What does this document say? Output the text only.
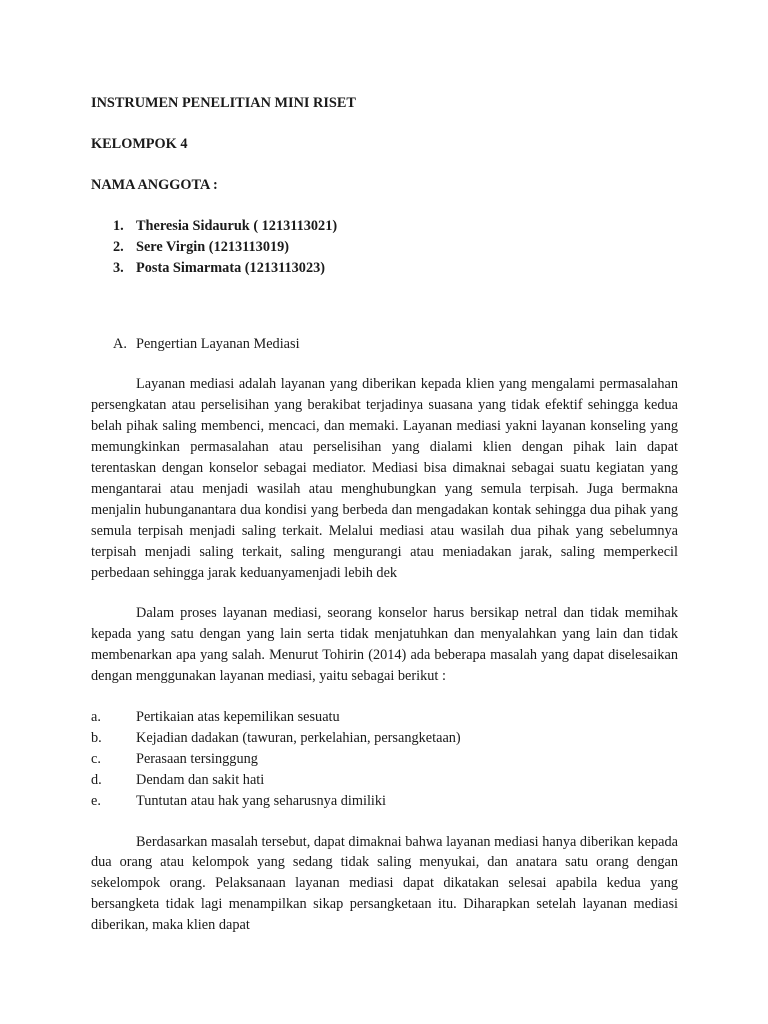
INSTRUMEN PENELITIAN MINI RISET

KELOMPOK 4

NAMA ANGGOTA :

1. Theresia Sidauruk ( 1213113021)
2. Sere Virgin (1213113019)
3. Posta Simarmata (1213113023)
A. Pengertian Layanan Mediasi

Layanan mediasi adalah layanan yang diberikan kepada klien yang mengalami permasalahan persengkatan atau perselisihan yang berakibat terjadinya suasana yang tidak efektif sehingga kedua belah pihak saling membenci, mencaci, dan memaki. Layanan mediasi yakni layanan konseling yang memungkinkan permasalahan atau perselisihan yang dialami klien dengan pihak lain dapat terentaskan dengan konselor sebagai mediator. Mediasi bisa dimaknai sebagai suatu kegiatan yang mengantarai atau menjadi wasilah atau menghubungkan yang semula terpisah. Juga bermakna menjalin hubunganantara dua kondisi yang berbeda dan mengadakan kontak sehingga dua pihak yang semula terpisah menjadi saling terkait. Melalui mediasi atau wasilah dua pihak yang sebelumnya terpisah menjadi saling terkait, saling mengurangi atau meniadakan jarak, saling memperkecil perbedaan sehingga jarak keduanyamenjadi lebih dek

Dalam proses layanan mediasi, seorang konselor harus bersikap netral dan tidak memihak kepada yang satu dengan yang lain serta tidak menjatuhkan dan menyalahkan yang lain dan tidak membenarkan apa yang salah. Menurut Tohirin (2014) ada beberapa masalah yang dapat diselesaikan dengan menggunakan layanan mediasi, yaitu sebagai berikut :

a.	Pertikaian atas kepemilikan sesuatu
b.	Kejadian dadakan (tawuran, perkelahian, persangketaan)
c.	Perasaan tersinggung
d.	Dendam dan sakit hati
e.	Tuntutan atau hak yang seharusnya dimiliki

Berdasarkan masalah tersebut, dapat dimaknai bahwa layanan mediasi hanya diberikan kepada dua orang atau kelompok yang sedang tidak saling menyukai, dan anatara satu orang dengan sekelompok orang. Pelaksanaan layanan mediasi dapat dikatakan selesai apabila kedua yang bersangketa tidak lagi menampilkan sikap persangketaan itu. Diharapkan setelah layanan mediasi diberikan, maka klien dapat
